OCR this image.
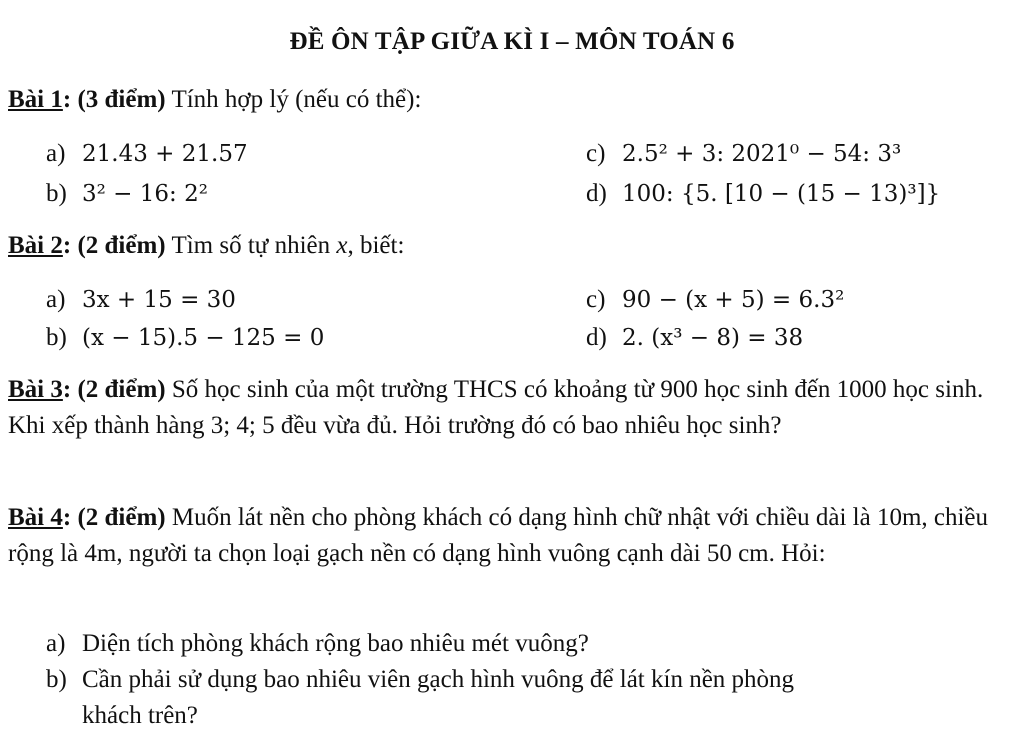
ĐỀ ÔN TẬP GIỮA KÌ I – MÔN TOÁN 6
Bài 1: (3 điểm) Tính hợp lý (nếu có thể):
a) 21.43 + 21.57
b) 3² − 16: 2²
c) 2.5² + 3: 2021⁰ − 54: 3³
d) 100: {5. [10 − (15 − 13)³]}
Bài 2: (2 điểm) Tìm số tự nhiên x, biết:
a) 3x + 15 = 30
b) (x − 15).5 − 125 = 0
c) 90 − (x + 5) = 6.3²
d) 2. (x³ − 8) = 38
Bài 3: (2 điểm) Số học sinh của một trường THCS có khoảng từ 900 học sinh đến 1000 học sinh. Khi xếp thành hàng 3; 4; 5 đều vừa đủ. Hỏi trường đó có bao nhiêu học sinh?
Bài 4: (2 điểm) Muốn lát nền cho phòng khách có dạng hình chữ nhật với chiều dài là 10m, chiều rộng là 4m, người ta chọn loại gạch nền có dạng hình vuông cạnh dài 50 cm. Hỏi:
a) Diện tích phòng khách rộng bao nhiêu mét vuông?
b) Cần phải sử dụng bao nhiêu viên gạch hình vuông để lát kín nền phòng
khách trên?
